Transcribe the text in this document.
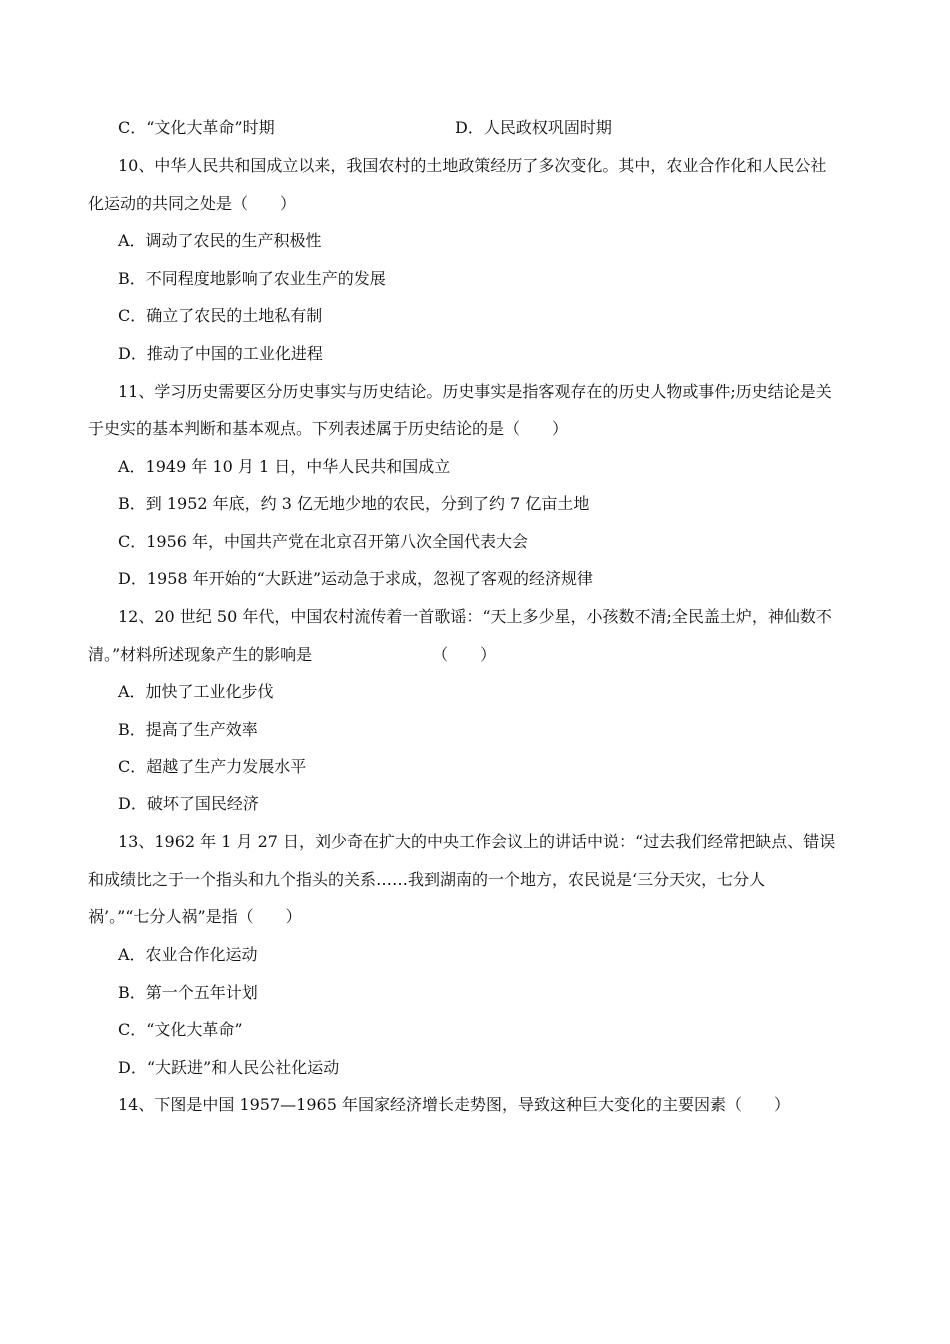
C．“文化大革命”时期	D．人民政权巩固时期
10、中华人民共和国成立以来，我国农村的土地政策经历了多次变化。其中，农业合作化和人民公社
化运动的共同之处是（　　）
A．调动了农民的生产积极性
B．不同程度地影响了农业生产的发展
C．确立了农民的土地私有制
D．推动了中国的工业化进程
11、学习历史需要区分历史事实与历史结论。历史事实是指客观存在的历史人物或事件;历史结论是关
于史实的基本判断和基本观点。下列表述属于历史结论的是（　　）
A．1949 年 10 月 1 日，中华人民共和国成立
B．到 1952 年底，约 3 亿无地少地的农民，分到了约 7 亿亩土地
C．1956 年，中国共产党在北京召开第八次全国代表大会
D．1958 年开始的“大跃进”运动急于求成，忽视了客观的经济规律
12、20 世纪 50 年代，中国农村流传着一首歌谣：“天上多少星，小孩数不清;全民盖土炉，神仙数不
清。”材料所述现象产生的影响是　　　　　　　　（　　）
A．加快了工业化步伐
B．提高了生产效率
C．超越了生产力发展水平
D．破坏了国民经济
13、1962 年 1 月 27 日，刘少奇在扩大的中央工作会议上的讲话中说：“过去我们经常把缺点、错误
和成绩比之于一个指头和九个指头的关系……我到湖南的一个地方，农民说是‘三分天灾，七分人
祸’。”“七分人祸”是指（　　）
A．农业合作化运动
B．第一个五年计划
C．“文化大革命”
D．“大跃进”和人民公社化运动
14、下图是中国 1957—1965 年国家经济增长走势图，导致这种巨大变化的主要因素（　　）
